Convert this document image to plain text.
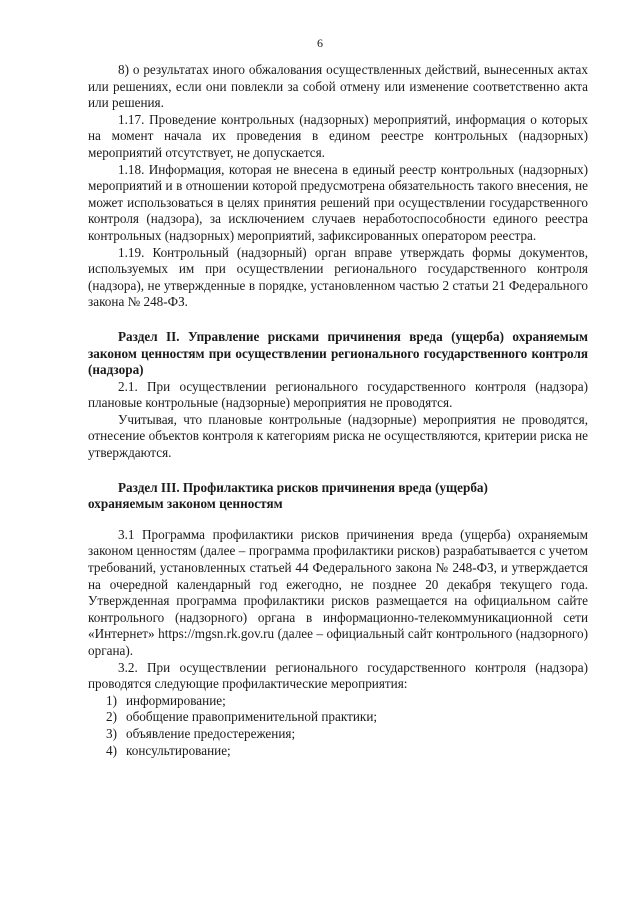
6

8) о результатах иного обжалования осуществленных действий, вынесенных актах или решениях, если они повлекли за собой отмену или изменение соответственно акта или решения.

1.17. Проведение контрольных (надзорных) мероприятий, информация о которых на момент начала их проведения в едином реестре контрольных (надзорных) мероприятий отсутствует, не допускается.

1.18. Информация, которая не внесена в единый реестр контрольных (надзорных) мероприятий и в отношении которой предусмотрена обязательность такого внесения, не может использоваться в целях принятия решений при осуществлении государственного контроля (надзора), за исключением случаев неработоспособности единого реестра контрольных (надзорных) мероприятий, зафиксированных оператором реестра.

1.19. Контрольный (надзорный) орган вправе утверждать формы документов, используемых им при осуществлении регионального государственного контроля (надзора), не утвержденные в порядке, установленном частью 2 статьи 21 Федерального закона № 248-ФЗ.

Раздел II. Управление рисками причинения вреда (ущерба) охраняемым законом ценностям при осуществлении регионального государственного контроля (надзора)

2.1. При осуществлении регионального государственного контроля (надзора) плановые контрольные (надзорные) мероприятия не проводятся.

Учитывая, что плановые контрольные (надзорные) мероприятия не проводятся, отнесение объектов контроля к категориям риска не осуществляются, критерии риска не утверждаются.

Раздел III. Профилактика рисков причинения вреда (ущерба) охраняемым законом ценностям

3.1 Программа профилактики рисков причинения вреда (ущерба) охраняемым законом ценностям (далее – программа профилактики рисков) разрабатывается с учетом требований, установленных статьей 44 Федерального закона № 248-ФЗ, и утверждается на очередной календарный год ежегодно, не позднее 20 декабря текущего года. Утвержденная программа профилактики рисков размещается на официальном сайте контрольного (надзорного) органа в информационно-телекоммуникационной сети «Интернет» https://mgsn.rk.gov.ru (далее – официальный сайт контрольного (надзорного) органа).

3.2. При осуществлении регионального государственного контроля (надзора) проводятся следующие профилактические мероприятия:

1) информирование;
2) обобщение правоприменительной практики;
3) объявление предостережения;
4) консультирование;
